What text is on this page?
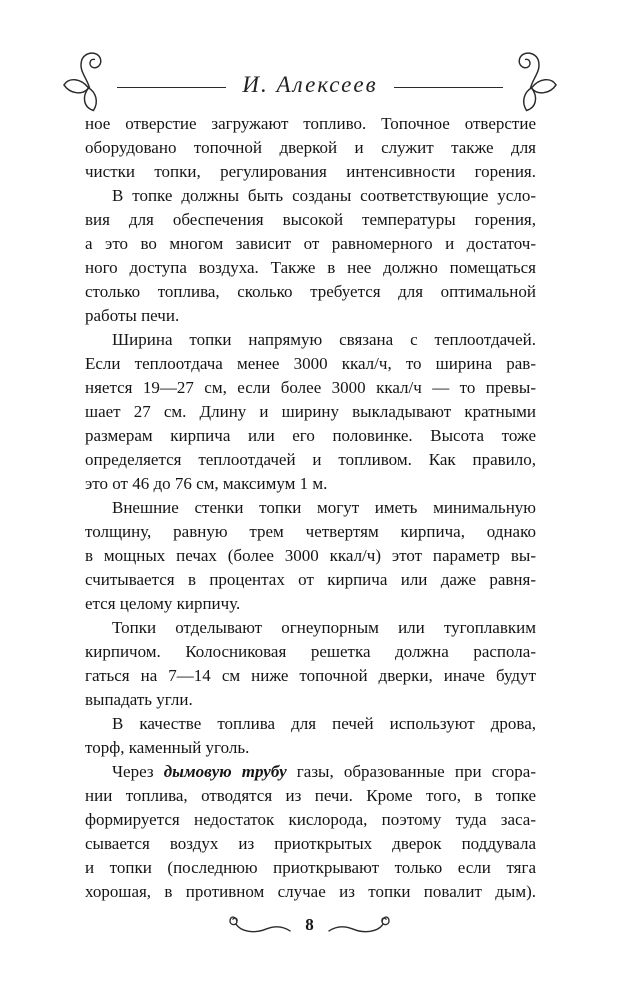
И. Алексеев
ное отверстие загружают топливо. Топочное отверстие
оборудовано топочной дверкой и служит также для
чистки топки, регулирования интенсивности горения.
В топке должны быть созданы соответствующие усло-
вия для обеспечения высокой температуры горения,
а это во многом зависит от равномерного и достаточ-
ного доступа воздуха. Также в нее должно помещаться
столько топлива, сколько требуется для оптимальной
работы печи.
Ширина топки напрямую связана с теплоотдачей.
Если теплоотдача менее 3000 ккал/ч, то ширина рав-
няется 19—27 см, если более 3000 ккал/ч — то превы-
шает 27 см. Длину и ширину выкладывают кратными
размерам кирпича или его половинке. Высота тоже
определяется теплоотдачей и топливом. Как правило,
это от 46 до 76 см, максимум 1 м.
Внешние стенки топки могут иметь минимальную
толщину, равную трем четвертям кирпича, однако
в мощных печах (более 3000 ккал/ч) этот параметр вы-
считывается в процентах от кирпича или даже равня-
ется целому кирпичу.
Топки отделывают огнеупорным или тугоплавким
кирпичом. Колосниковая решетка должна распола-
гаться на 7—14 см ниже топочной дверки, иначе будут
выпадать угли.
В качестве топлива для печей используют дрова,
торф, каменный уголь.
Через дымовую трубу газы, образованные при сгора-
нии топлива, отводятся из печи. Кроме того, в топке
формируется недостаток кислорода, поэтому туда заса-
сывается воздух из приоткрытых дверок поддувала
и топки (последнюю приоткрывают только если тяга
хорошая, в противном случае из топки повалит дым).
8
